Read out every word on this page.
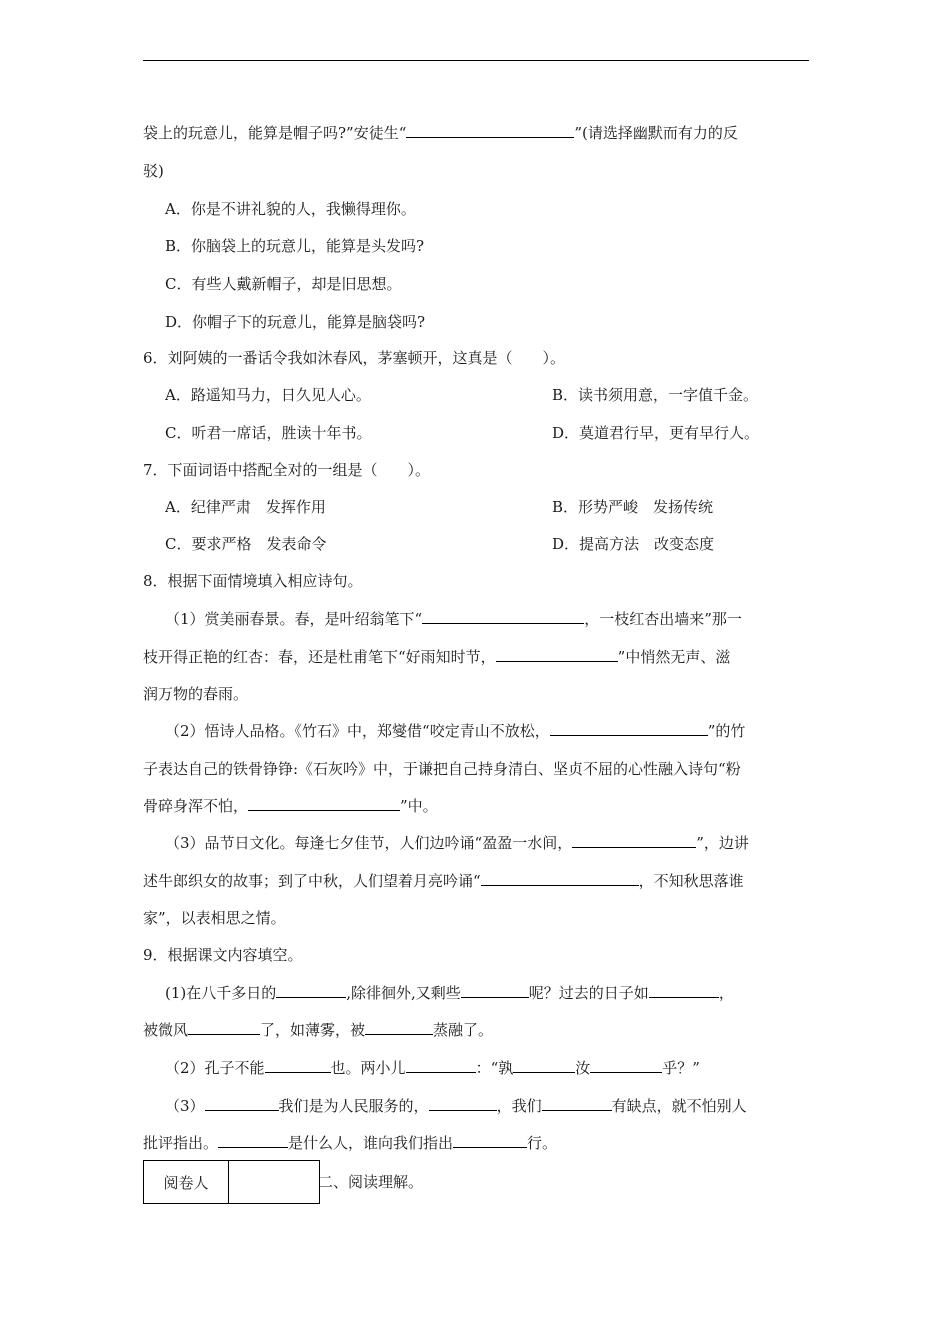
袋上的玩意儿，能算是帽子吗?”安徒生“	”(请选择幽默而有力的反
驳)
A．你是不讲礼貌的人，我懒得理你。
B．你脑袋上的玩意儿，能算是头发吗?
C．有些人戴新帽子，却是旧思想。
D．你帽子下的玩意儿，能算是脑袋吗?
6．刘阿姨的一番话令我如沐春风，茅塞顿开，这真是（　　）。
A．路遥知马力，日久见人心。	B．读书须用意，一字值千金。
C．听君一席话，胜读十年书。	D．莫道君行早，更有早行人。
7．下面词语中搭配全对的一组是（　　）。
A．纪律严肃　发挥作用	B．形势严峻　发扬传统
C．要求严格　发表命令	D．提高方法　改变态度
8．根据下面情境填入相应诗句。
（1）赏美丽春景。春，是叶绍翁笔下“	，一枝红杏出墙来”那一
枝开得正艳的红杏：春，还是杜甫笔下“好雨知时节，	”中悄然无声、滋
润万物的春雨。
（2）悟诗人品格。《竹石》中，郑燮借“咬定青山不放松，	”的竹
子表达自己的铁骨铮铮:《石灰吟》中，于谦把自己持身清白、坚贞不屈的心性融入诗句“粉
骨碎身浑不怕，	”中。
（3）品节日文化。每逢七夕佳节，人们边吟诵“盈盈一水间，	”，边讲
述牛郎织女的故事；到了中秋，人们望着月亮吟诵“	，不知秋思落谁
家”，以表相思之情。
9．根据课文内容填空。
(1)在八千多日的	,除徘徊外,又剩些	呢？过去的日子如	，
被微风	了，如薄雾，被	蒸融了。
（2）孔子不能	也。两小儿	：“孰	汝	乎？”
（3）	我们是为人民服务的，	，我们	有缺点，就不怕别人
批评指出。	是什么人，谁向我们指出	行。
阅卷人		二、阅读理解。
